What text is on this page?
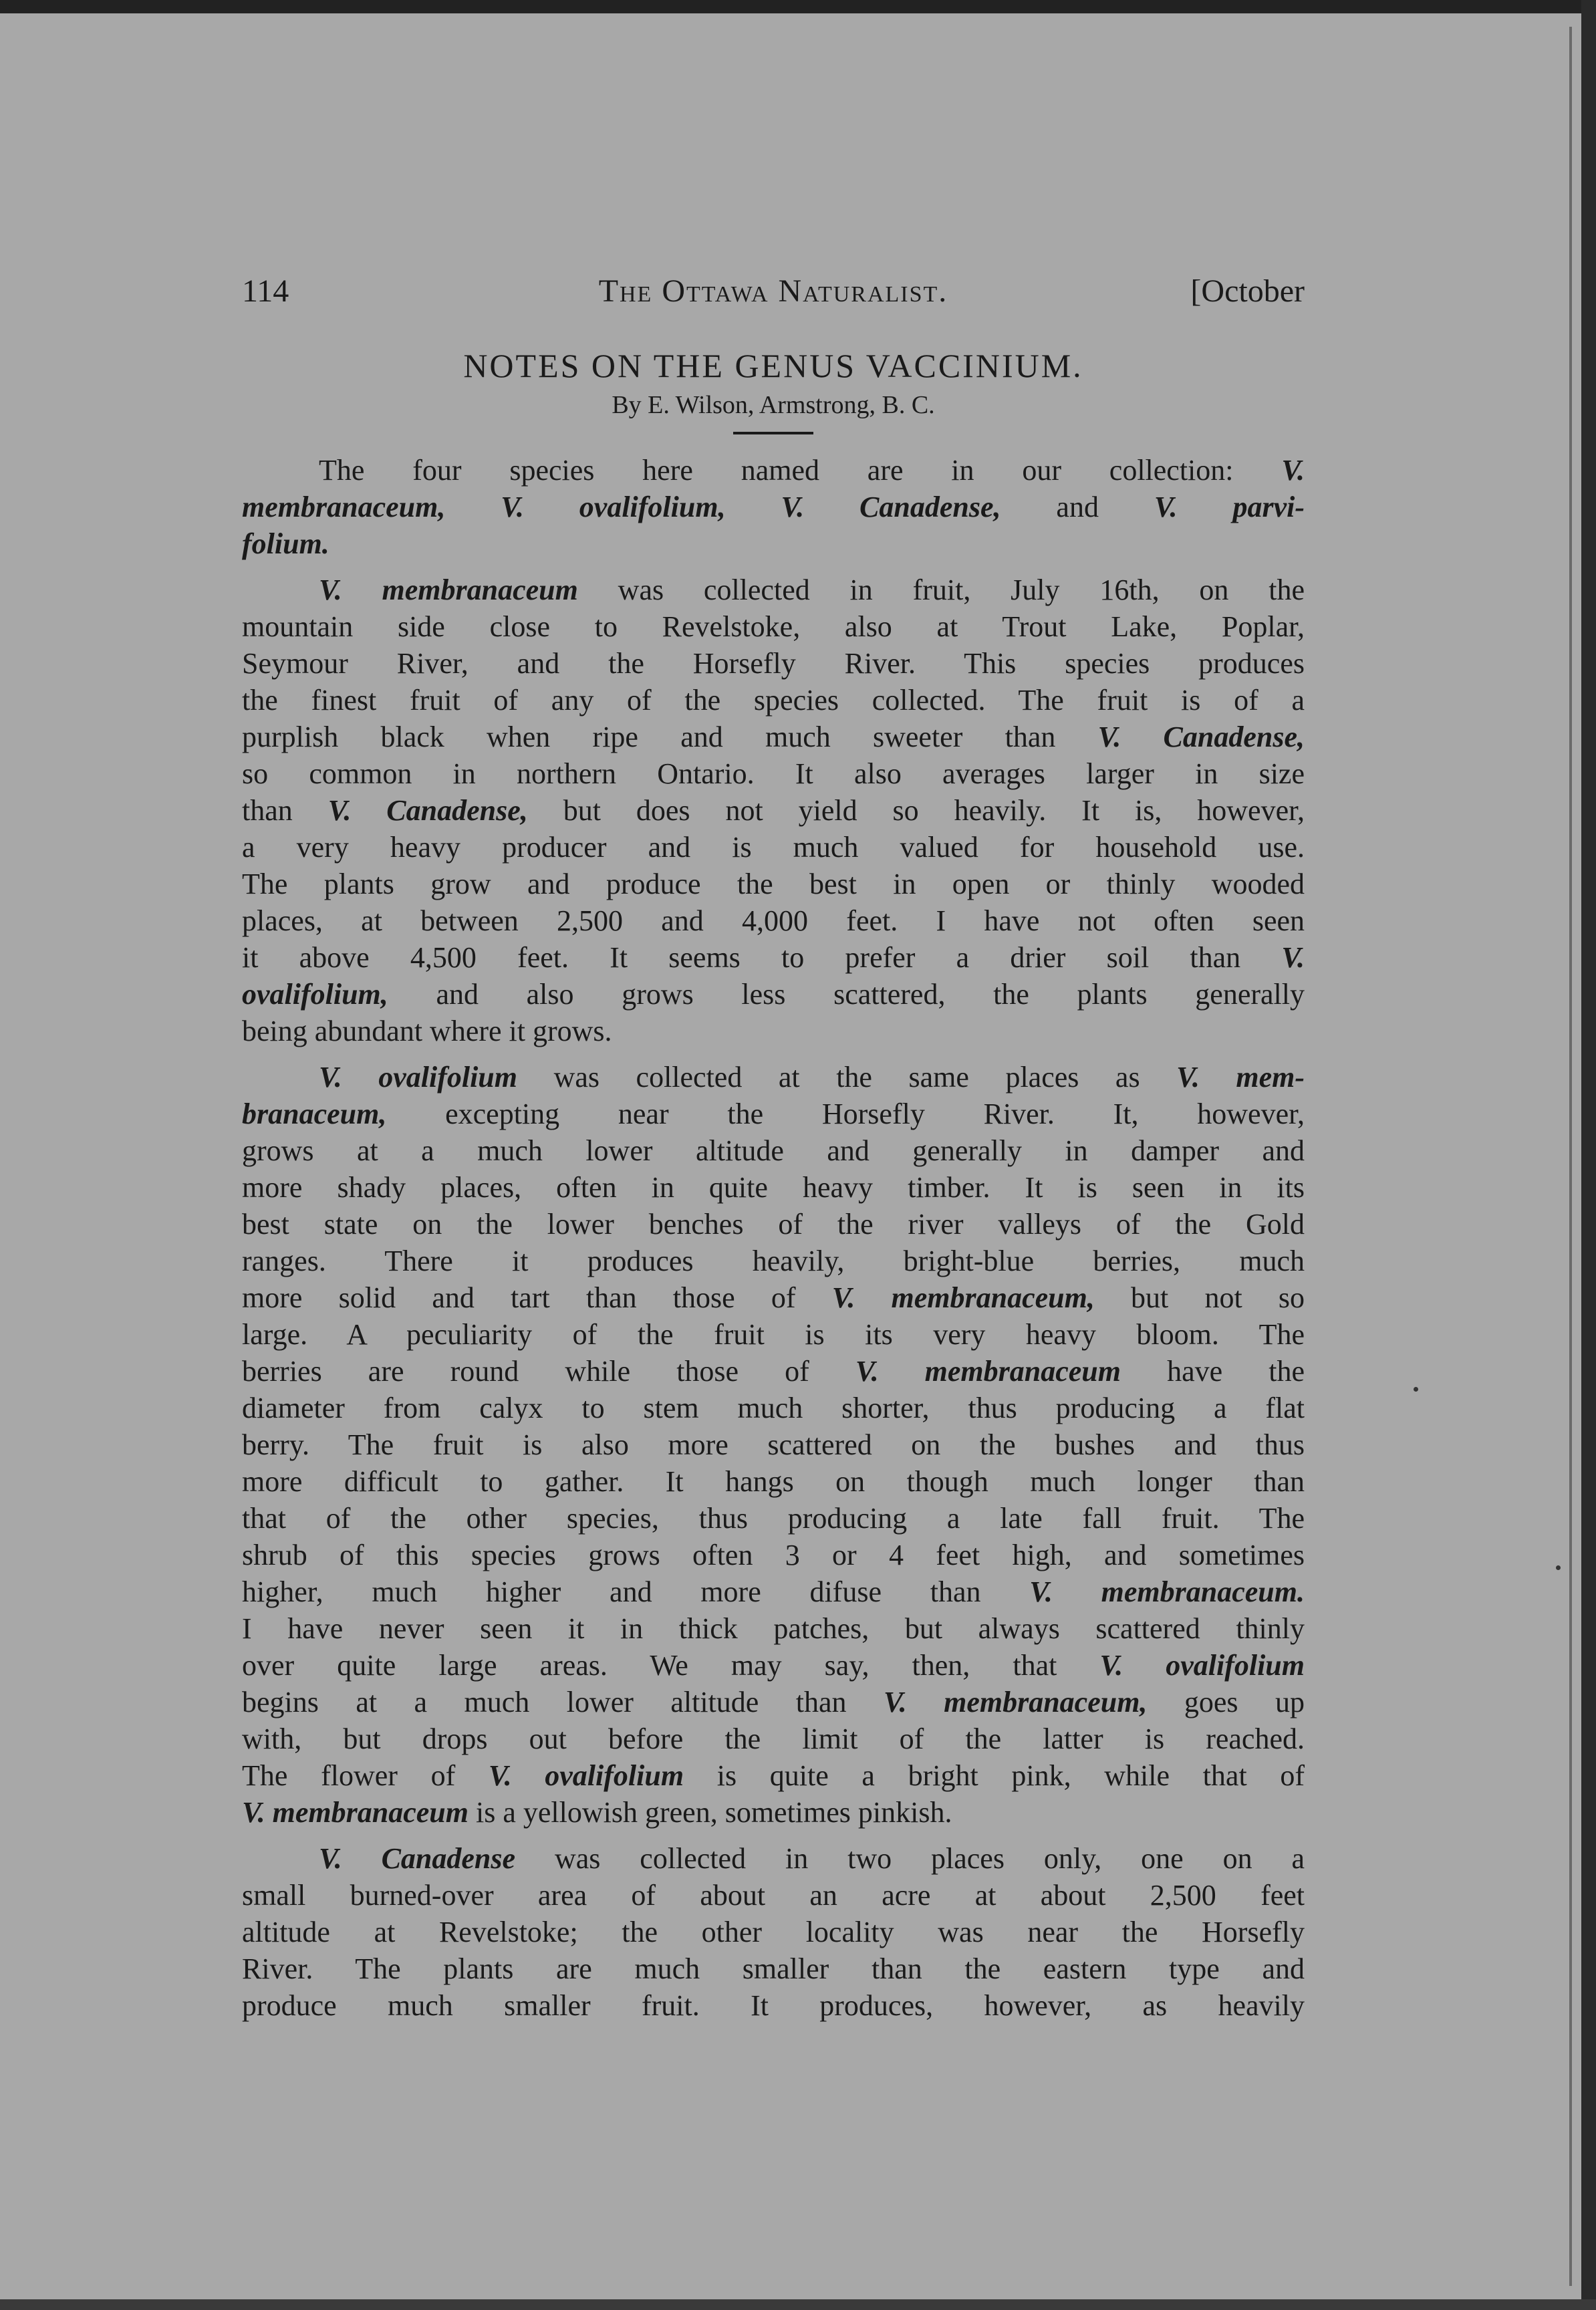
114	The Ottawa Naturalist.	[October
NOTES ON THE GENUS VACCINIUM.
By E. Wilson, Armstrong, B. C.
The four species here named are in our collection: V.
membranaceum, V. ovalifolium, V. Canadense, and V. parvi-
folium.
V. membranaceum was collected in fruit, July 16th, on the
mountain side close to Revelstoke, also at Trout Lake, Poplar,
Seymour River, and the Horsefly River. This species produces
the finest fruit of any of the species collected. The fruit is of a
purplish black when ripe and much sweeter than V. Canadense,
so common in northern Ontario. It also averages larger in size
than V. Canadense, but does not yield so heavily. It is, however,
a very heavy producer and is much valued for household use.
The plants grow and produce the best in open or thinly wooded
places, at between 2,500 and 4,000 feet. I have not often seen
it above 4,500 feet. It seems to prefer a drier soil than V.
ovalifolium, and also grows less scattered, the plants generally
being abundant where it grows.
V. ovalifolium was collected at the same places as V. mem-
branaceum, excepting near the Horsefly River. It, however,
grows at a much lower altitude and generally in damper and
more shady places, often in quite heavy timber. It is seen in its
best state on the lower benches of the river valleys of the Gold
ranges. There it produces heavily, bright-blue berries, much
more solid and tart than those of V. membranaceum, but not so
large. A peculiarity of the fruit is its very heavy bloom. The
berries are round while those of V. membranaceum have the
diameter from calyx to stem much shorter, thus producing a flat
berry. The fruit is also more scattered on the bushes and thus
more difficult to gather. It hangs on though much longer than
that of the other species, thus producing a late fall fruit. The
shrub of this species grows often 3 or 4 feet high, and sometimes
higher, much higher and more difuse than V. membranaceum.
I have never seen it in thick patches, but always scattered thinly
over quite large areas. We may say, then, that V. ovalifolium
begins at a much lower altitude than V. membranaceum, goes up
with, but drops out before the limit of the latter is reached.
The flower of V. ovalifolium is quite a bright pink, while that of
V. membranaceum is a yellowish green, sometimes pinkish.
V. Canadense was collected in two places only, one on a
small burned-over area of about an acre at about 2,500 feet
altitude at Revelstoke; the other locality was near the Horsefly
River. The plants are much smaller than the eastern type and
produce much smaller fruit. It produces, however, as heavily
